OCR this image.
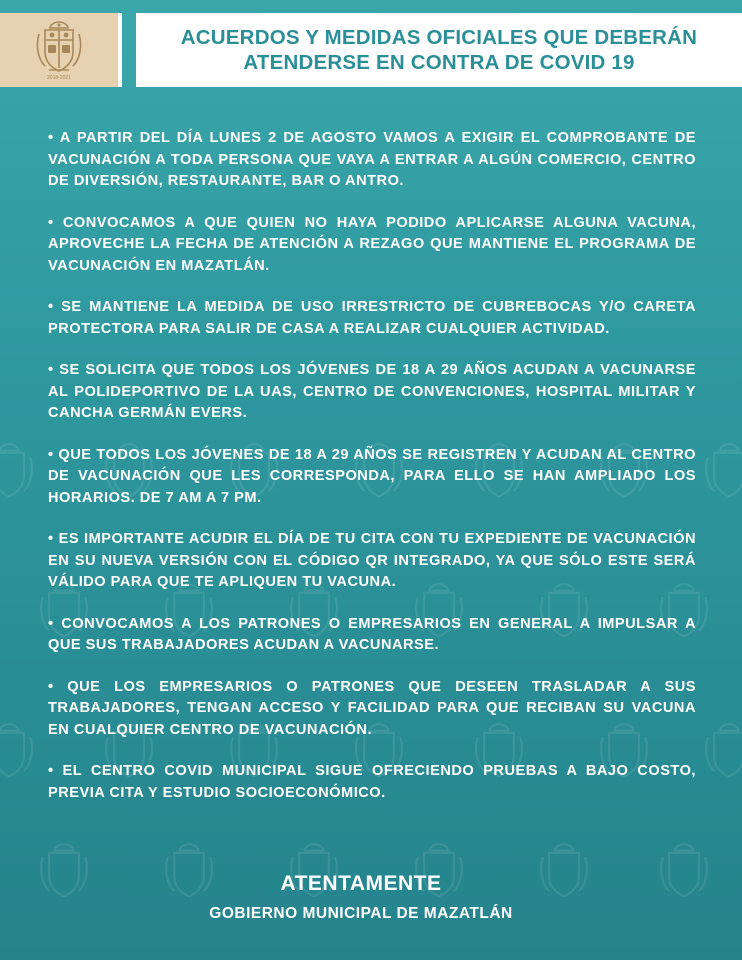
2018-2021
ACUERDOS Y MEDIDAS OFICIALES QUE DEBERÁN
ATENDERSE EN CONTRA DE COVID 19

• A PARTIR DEL DÍA LUNES 2 DE AGOSTO VAMOS A EXIGIR EL COMPROBANTE DE VACUNACIÓN A TODA PERSONA QUE VAYA A ENTRAR A ALGÚN COMERCIO, CENTRO DE DIVERSIÓN, RESTAURANTE, BAR O ANTRO.

• CONVOCAMOS A QUE QUIEN NO HAYA PODIDO APLICARSE ALGUNA VACUNA, APROVECHE LA FECHA DE ATENCIÓN A REZAGO QUE MANTIENE EL PROGRAMA DE VACUNACIÓN EN MAZATLÁN.

• SE MANTIENE LA MEDIDA DE USO IRRESTRICTO DE CUBREBOCAS Y/O CARETA PROTECTORA PARA SALIR DE CASA A REALIZAR CUALQUIER ACTIVIDAD.

• SE SOLICITA QUE TODOS LOS JÓVENES DE 18 A 29 AÑOS ACUDAN A VACUNARSE AL POLIDEPORTIVO DE LA UAS, CENTRO DE CONVENCIONES, HOSPITAL MILITAR Y CANCHA GERMÁN EVERS.

• QUE TODOS LOS JÓVENES DE 18 A 29 AÑOS SE REGISTREN Y ACUDAN AL CENTRO DE VACUNACIÓN QUE LES CORRESPONDA, PARA ELLO SE HAN AMPLIADO LOS HORARIOS. DE 7 AM A 7 PM.

• ES IMPORTANTE ACUDIR EL DÍA DE TU CITA CON TU EXPEDIENTE DE VACUNACIÓN EN SU NUEVA VERSIÓN CON EL CÓDIGO QR INTEGRADO, YA QUE SÓLO ESTE SERÁ VÁLIDO PARA QUE TE APLIQUEN TU VACUNA.

• CONVOCAMOS A LOS PATRONES O EMPRESARIOS EN GENERAL A IMPULSAR A QUE SUS TRABAJADORES ACUDAN A VACUNARSE.

• QUE LOS EMPRESARIOS O PATRONES QUE DESEEN TRASLADAR A SUS TRABAJADORES, TENGAN ACCESO Y FACILIDAD PARA QUE RECIBAN SU VACUNA EN CUALQUIER CENTRO DE VACUNACIÓN.

• EL CENTRO COVID MUNICIPAL SIGUE OFRECIENDO PRUEBAS A BAJO COSTO, PREVIA CITA Y ESTUDIO SOCIOECONÓMICO.

ATENTAMENTE
GOBIERNO MUNICIPAL DE MAZATLÁN
